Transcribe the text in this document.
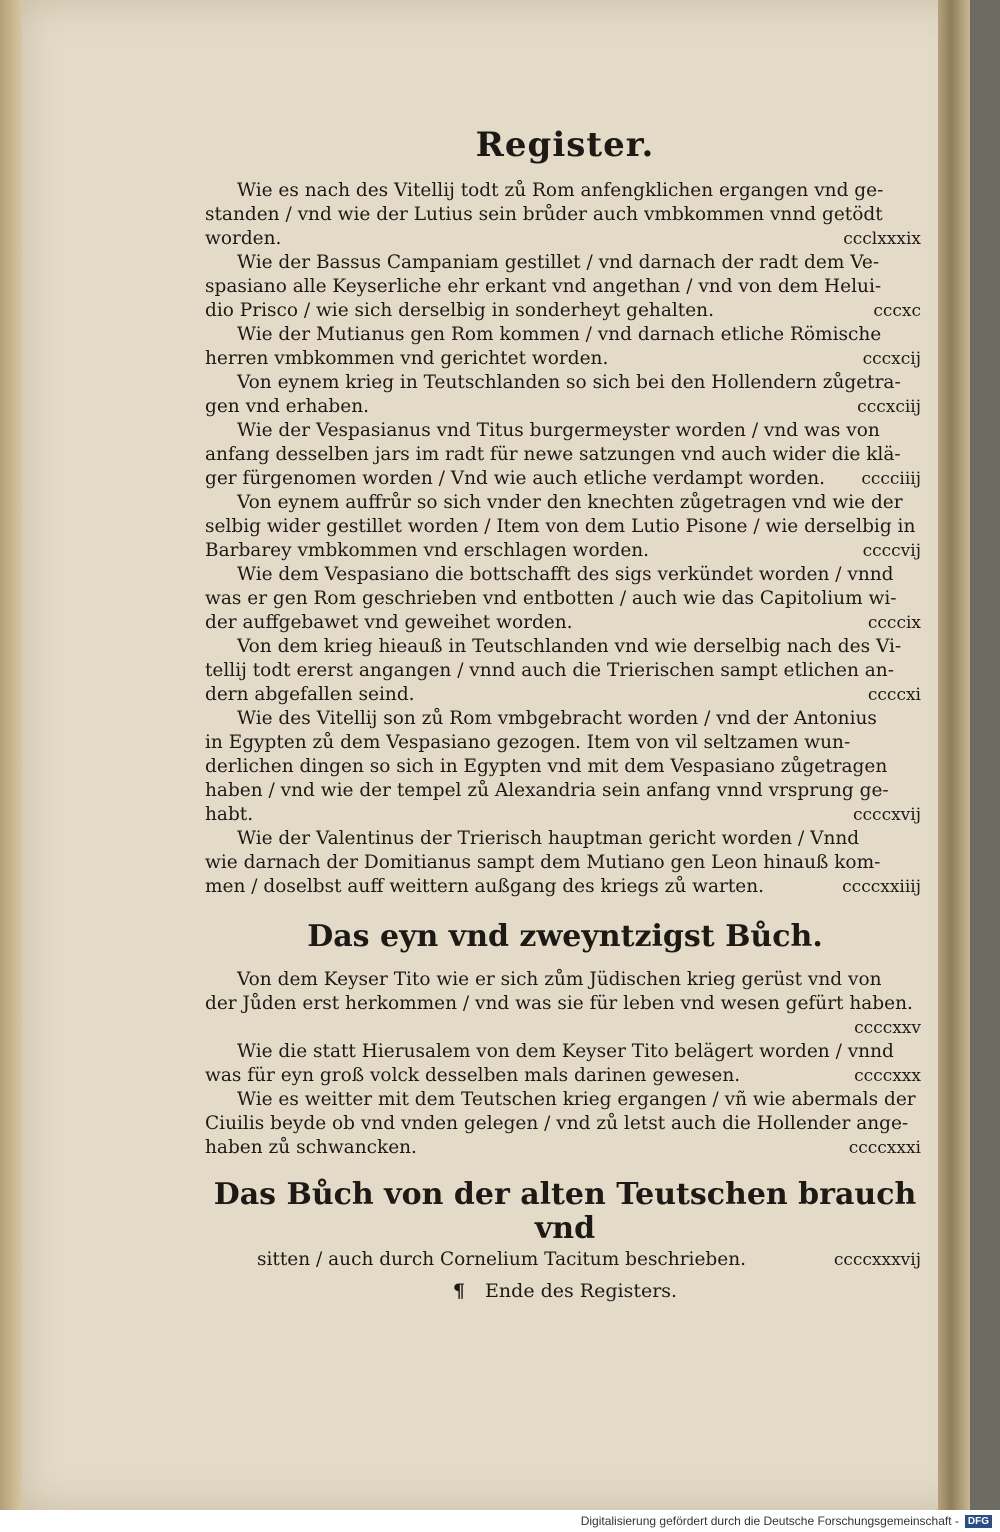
Register.
Wie es nach des Vitellij todt zů Rom anfengklichen ergangen vnd ge‑
standen / vnd wie der Lutius sein brůder auch vmbkommen vnnd getödt
worden.	ccclxxxix
Wie der Bassus Campaniam gestillet / vnd darnach der radt dem Ve‑
spasiano alle Keyserliche ehr erkant vnd angethan / vnd von dem Helui‑
dio Prisco / wie sich derselbig in sonderheyt gehalten.	cccxc
Wie der Mutianus gen Rom kommen / vnd darnach etliche Römische
herren vmbkommen vnd gerichtet worden.	cccxcij
Von eynem krieg in Teutschlanden so sich bei den Hollendern zůgetra‑
gen vnd erhaben.	cccxciij
Wie der Vespasianus vnd Titus burgermeyster worden / vnd was von
anfang desselben jars im radt für newe satzungen vnd auch wider die klä‑
ger fürgenomen worden / Vnd wie auch etliche verdampt worden. cccciiij
Von eynem auffrůr so sich vnder den knechten zůgetragen vnd wie der
selbig wider gestillet worden / Item von dem Lutio Pisone / wie derselbig in
Barbarey vmbkommen vnd erschlagen worden.	ccccvij
Wie dem Vespasiano die bottschafft des sigs verkündet worden / vnnd
was er gen Rom geschrieben vnd entbotten / auch wie das Capitolium wi‑
der auffgebawet vnd geweihet worden.	ccccix
Von dem krieg hieauß in Teutschlanden vnd wie derselbig nach des Vi‑
tellij todt ererst angangen / vnnd auch die Trierischen sampt etlichen an‑
dern abgefallen seind.	ccccxi
Wie des Vitellij son zů Rom vmbgebracht worden / vnd der Antonius
in Egypten zů dem Vespasiano gezogen. Item von vil seltzamen wun‑
derlichen dingen so sich in Egypten vnd mit dem Vespasiano zůgetragen
haben / vnd wie der tempel zů Alexandria sein anfang vnnd vrsprung ge‑
habt.	ccccxvij
Wie der Valentinus der Trierisch hauptman gericht worden / Vnnd
wie darnach der Domitianus sampt dem Mutiano gen Leon hinauß kom‑
men / doselbst auff weittern außgang des kriegs zů warten.	ccccxxiiij
Das eyn vnd zweyntzigst Bůch.
Von dem Keyser Tito wie er sich zům Jüdischen krieg gerüst vnd von
der Jůden erst herkommen / vnd was sie für leben vnd wesen gefürt haben.
ccccxxv
Wie die statt Hierusalem von dem Keyser Tito belägert worden / vnnd
was für eyn groß volck desselben mals darinen gewesen.	ccccxxx
Wie es weitter mit dem Teutschen krieg ergangen / vñ wie abermals der
Ciuilis beyde ob vnd vnden gelegen / vnd zů letst auch die Hollender ange‑
haben zů schwancken.	ccccxxxi
Das Bůch von der alten Teutschen brauch vnd
sitten / auch durch Cornelium Tacitum beschrieben.	ccccxxxvij
¶ Ende des Registers.
Digitalisierung gefördert durch die Deutsche Forschungsgemeinschaft - DFG
